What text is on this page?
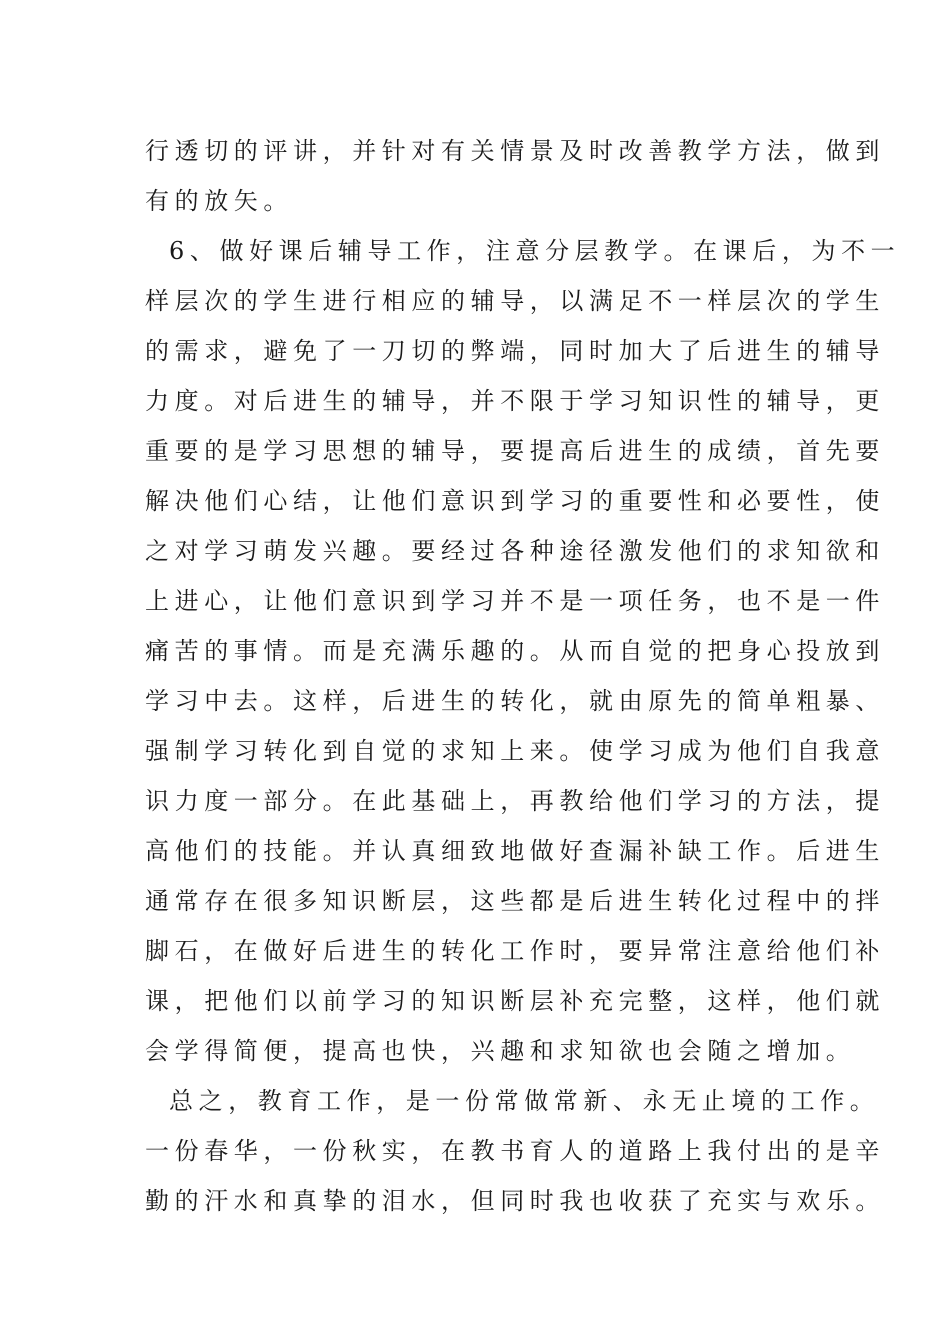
行透切的评讲，并针对有关情景及时改善教学方法，做到
有的放矢。
6、做好课后辅导工作，注意分层教学。在课后，为不一
样层次的学生进行相应的辅导，以满足不一样层次的学生
的需求，避免了一刀切的弊端，同时加大了后进生的辅导
力度。对后进生的辅导，并不限于学习知识性的辅导，更
重要的是学习思想的辅导，要提高后进生的成绩，首先要
解决他们心结，让他们意识到学习的重要性和必要性，使
之对学习萌发兴趣。要经过各种途径激发他们的求知欲和
上进心，让他们意识到学习并不是一项任务，也不是一件
痛苦的事情。而是充满乐趣的。从而自觉的把身心投放到
学习中去。这样，后进生的转化，就由原先的简单粗暴、
强制学习转化到自觉的求知上来。使学习成为他们自我意
识力度一部分。在此基础上，再教给他们学习的方法，提
高他们的技能。并认真细致地做好查漏补缺工作。后进生
通常存在很多知识断层，这些都是后进生转化过程中的拌
脚石，在做好后进生的转化工作时，要异常注意给他们补
课，把他们以前学习的知识断层补充完整，这样，他们就
会学得简便，提高也快，兴趣和求知欲也会随之增加。
总之，教育工作，是一份常做常新、永无止境的工作。
一份春华，一份秋实，在教书育人的道路上我付出的是辛
勤的汗水和真挚的泪水，但同时我也收获了充实与欢乐。
